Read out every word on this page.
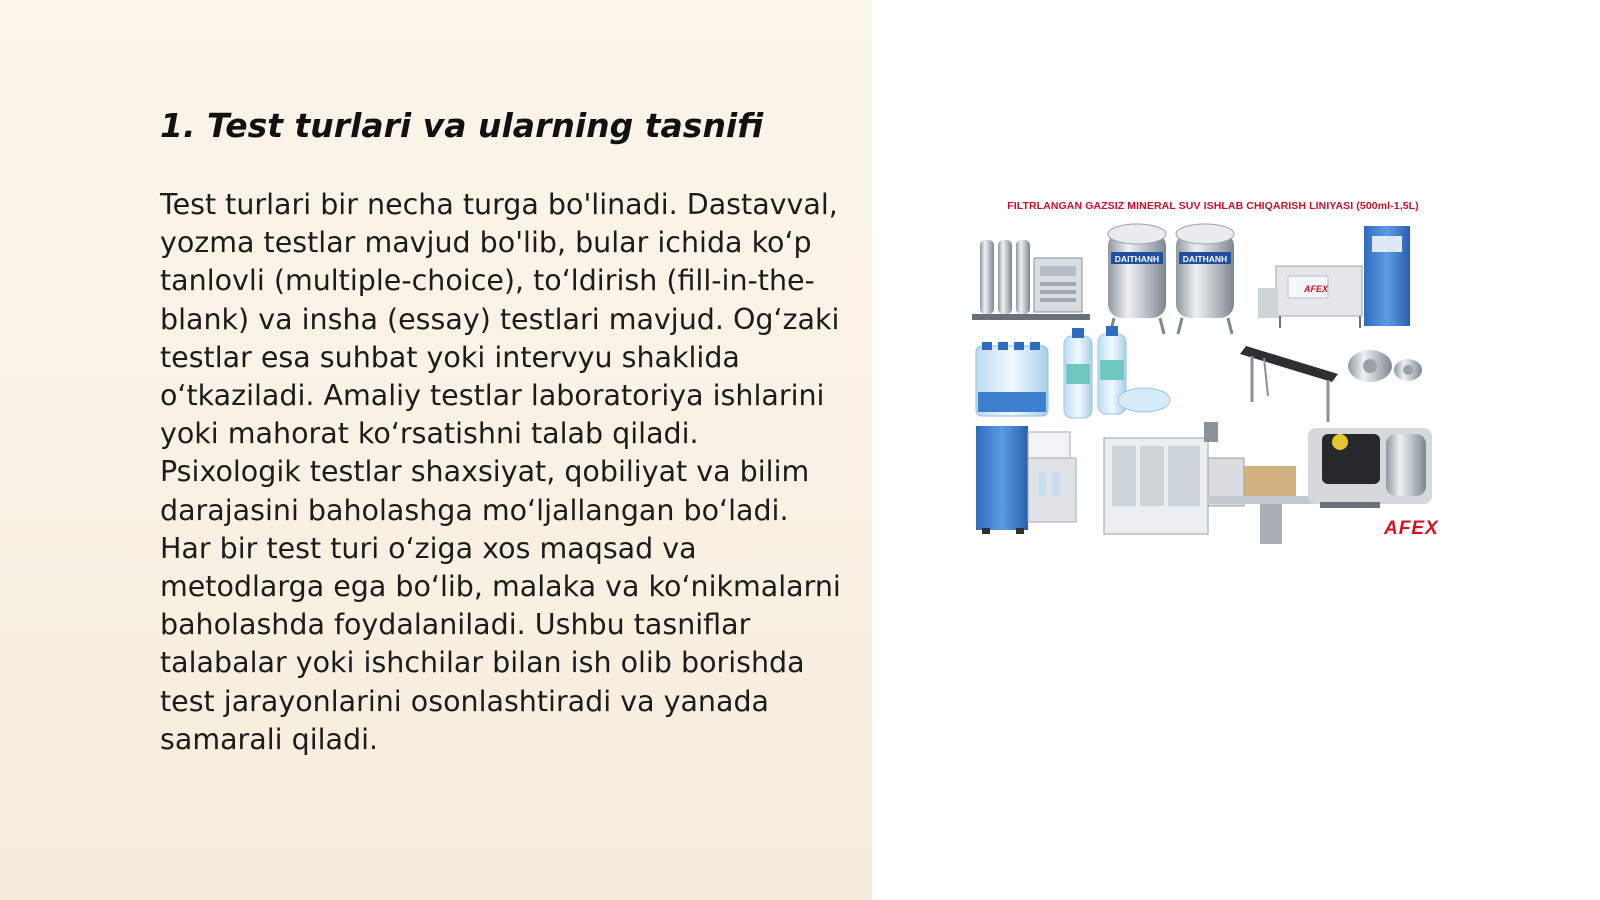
1. Test turlari va ularning tasnifi

Test turlari bir necha turga bo'linadi. Dastavval, yozma testlar mavjud bo'lib, bular ichida ko‘p tanlovli (multiple-choice), to‘ldirish (fill-in-the-blank) va insha (essay) testlari mavjud. Og‘zaki testlar esa suhbat yoki intervyu shaklida o‘tkaziladi. Amaliy testlar laboratoriya ishlarini yoki mahorat ko‘rsatishni talab qiladi. Psixologik testlar shaxsiyat, qobiliyat va bilim darajasini baholashga mo‘ljallangan bo‘ladi. Har bir test turi o‘ziga xos maqsad va metodlarga ega bo‘lib, malaka va ko‘nikmalarni baholashda foydalaniladi. Ushbu tasniflar talabalar yoki ishchilar bilan ish olib borishda test jarayonlarini osonlashtiradi va yanada samarali qiladi.

FILTRLANGAN GAZSIZ MINERAL SUV ISHLAB CHIQARISH LINIYASI (500ml-1,5L)
DAITHANH	DAITHANH
AFEX
AFEX
